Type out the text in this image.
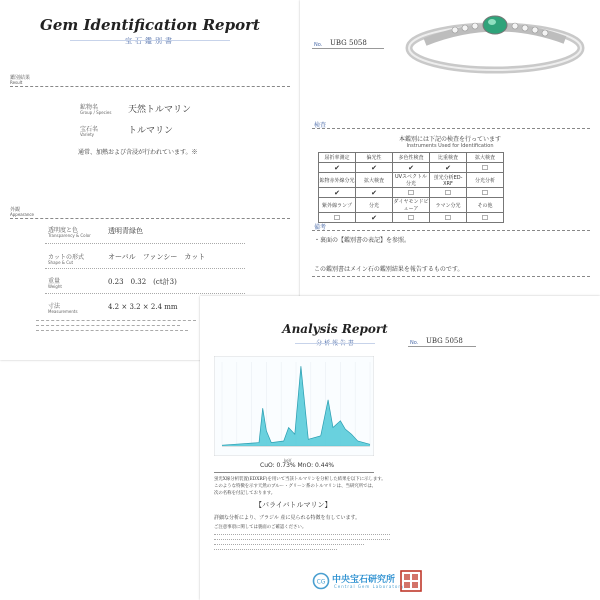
Gem Identification Report
宝石鑑別書
鑑別結果
Result
鉱物名
Group / Species 天然トルマリン
宝石名
Variety	トルマリン
通常、加熱および含浸が行われています。※
外観
Appearance
透明度と色
Transparency & Color
透明青緑色
カットの形式
Shape & Cut
オーバル　ファンシー　カット
重量
Weight
0.23　0.32　(ct計3)
寸法
Measurements
4.2 × 3.2 × 2.4 mm
No. UBG 5058
検査
本鑑別には下記の検査を行っています
Instruments Used for Identification
屈折率測定	偏光性	多色性検査	比重検査	拡大検査
✔	✔	✔	✔	☐
鉱物赤外線分光	拡大検査	UVスペクトル分光	蛍光分析ED-XRF	分光分析
✔	✔	☐	☐	☐
紫外線ランプ	分光	ダイヤモンドビューア	ラマン分光	その他
☐	✔	☐	☐	☐
備考
・裏面の【鑑別書の表記】を参照。
この鑑別書はメイン石の鑑別結果を報告するものです。
Analysis Report
分 析 報 告 書	No. UBG 5058
keV
CuO: 0.73% MnO: 0.44%
蛍光X線分析装置(EDXRF)を用いて当該トルマリンを分析した結果を以下に示します。
このような特徴を示す天然のブルー・グリーン系のトルマリンは、当研究所では、
次の名称を付記しております。
【パライバトルマリン】
詳細な分析により、ブラジル 産に見られる特徴を有しています。
ご注意事項に関しては裏面のご確認ください。
CG 中央宝石研究所
Central Gem Laboratory
